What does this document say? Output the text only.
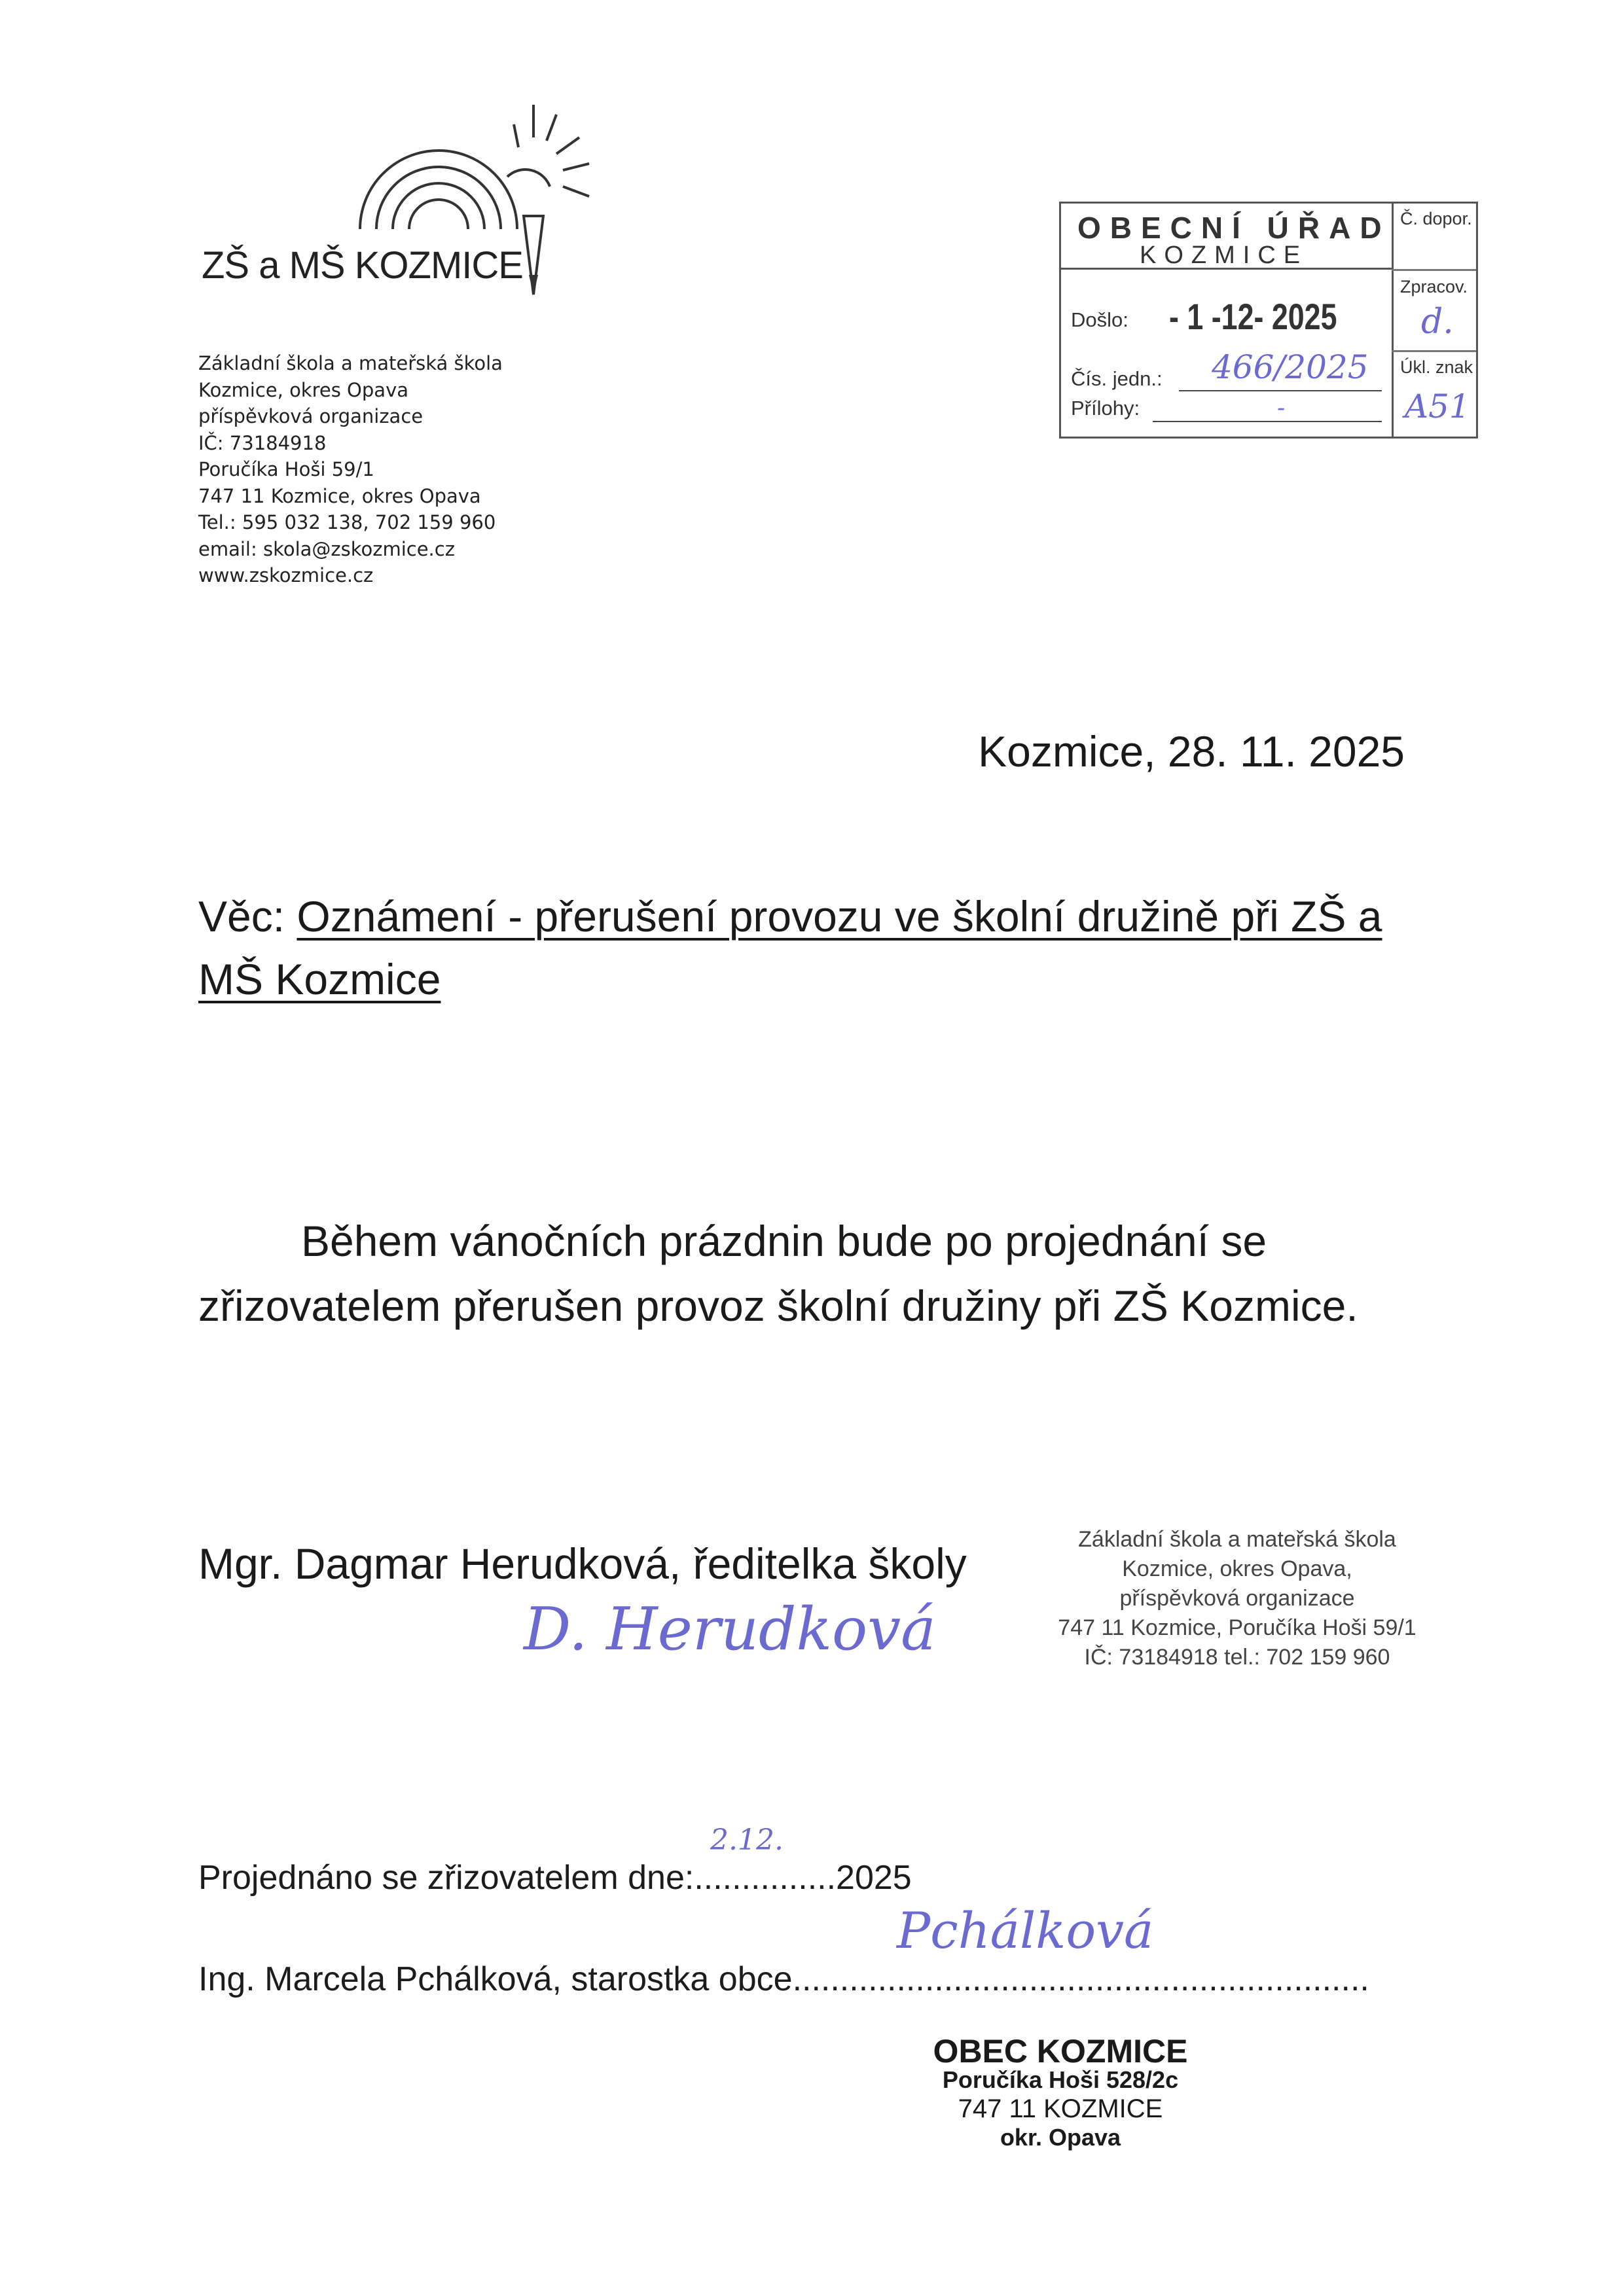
ZŠ a MŠ KOZMICE
Základní škola a mateřská škola
Kozmice, okres Opava
příspěvková organizace
IČ: 73184918
Poručíka Hoši 59/1
747 11 Kozmice, okres Opava
Tel.: 595 032 138, 702 159 960
email: skola@zskozmice.cz
www.zskozmice.cz
OBECNÍ ÚŘAD
KOZMICE
Č. dopor.
Zpracov.
d.
Úkl. znak
A51
Došlo: - 1 -12- 2025
Čís. jedn.: 466/2025
Přílohy:	-
Kozmice, 28. 11. 2025
Věc: Oznámení - přerušení provozu ve školní družině při ZŠ a
MŠ Kozmice
Během vánočních prázdnin bude po projednání se
zřizovatelem přerušen provoz školní družiny při ZŠ Kozmice.
Mgr. Dagmar Herudková, ředitelka školy
D. Herudková
Základní škola a mateřská škola
Kozmice, okres Opava,
příspěvková organizace
747 11 Kozmice, Poručíka Hoši 59/1
IČ: 73184918 tel.: 702 159 960
2.12.
Projednáno se zřizovatelem dne:...............2025
Pchálková
Ing. Marcela Pchálková, starostka obce.............................................................
OBEC KOZMICE
Poručíka Hoši 528/2c
747 11 KOZMICE
okr. Opava
